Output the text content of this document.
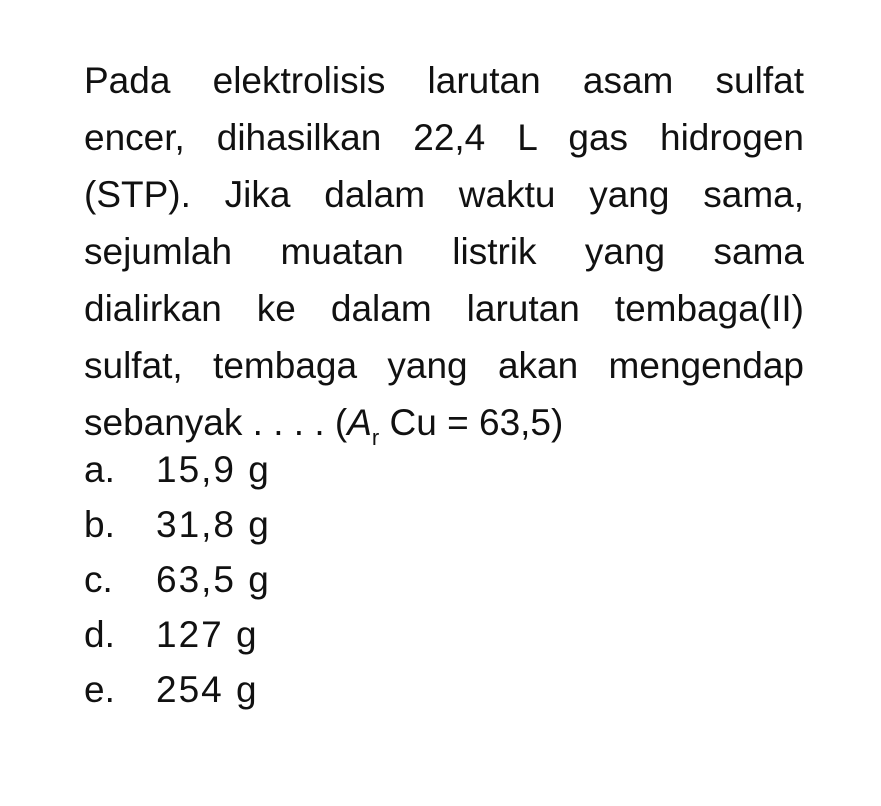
Pada elektrolisis larutan asam sulfat
encer, dihasilkan 22,4 L gas hidrogen
(STP). Jika dalam waktu yang sama,
sejumlah muatan listrik yang sama
dialirkan ke dalam larutan tembaga(II)
sulfat, tembaga yang akan mengendap
sebanyak . . . . ($A_r$ Cu = 63,5)
a.	15,9 g
b.	31,8 g
c.	63,5 g
d.	127 g
e.	254 g
